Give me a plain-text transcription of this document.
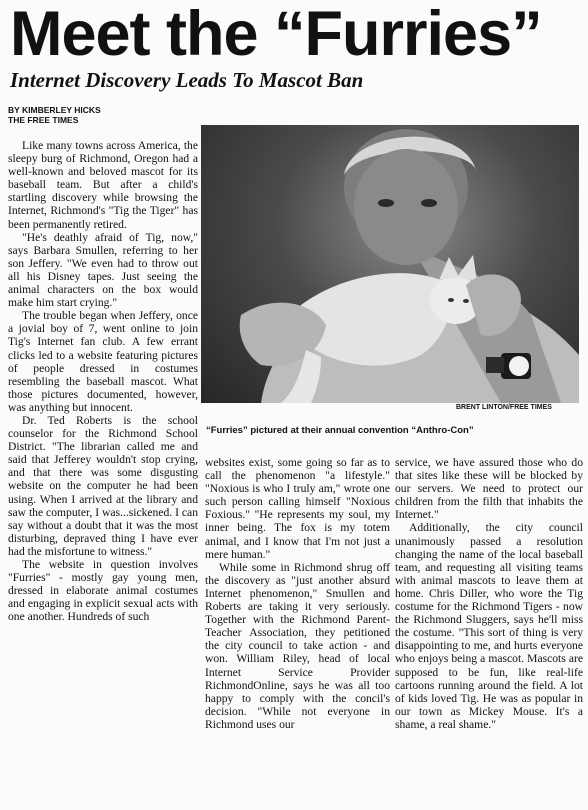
Meet the “Furries”
Internet Discovery Leads To Mascot Ban
BY KIMBERLEY HICKS
THE FREE TIMES
BRENT LINTON/FREE TIMES
“Furries” pictured at their annual convention “Anthro-Con”

Like many towns across America, the sleepy burg of Richmond, Oregon had a well-known and beloved mascot for its baseball team. But after a child's startling discovery while browsing the Internet, Richmond's "Tig the Tiger" has been permanently retired.

"He's deathly afraid of Tig, now," says Barbara Smullen, referring to her son Jeffery. "We even had to throw out all his Disney tapes. Just seeing the animal characters on the box would make him start crying."

The trouble began when Jeffery, once a jovial boy of 7, went online to join Tig's Internet fan club. A few errant clicks led to a website featuring pictures of people dressed in costumes resembling the baseball mascot. What those pictures documented, however, was anything but innocent.

Dr. Ted Roberts is the school counselor for the Richmond School District. "The librarian called me and said that Jefferey wouldn't stop crying, and that there was some disgusting website on the computer he had been using. When I arrived at the library and saw the computer, I was...sickened. I can say without a doubt that it was the most disturbing, depraved thing I have ever had the misfortune to witness."

The website in question involves "Furries" - mostly gay young men, dressed in elaborate animal costumes and engaging in explicit sexual acts with one another. Hundreds of such

websites exist, some going so far as to call the phenomenon "a lifestyle." "Noxious is who I truly am," wrote one such person calling himself "Noxious Foxious." "He represents my soul, my inner being. The fox is my totem animal, and I know that I'm not just a mere human."

While some in Richmond shrug off the discovery as "just another absurd Internet phenomenon," Smullen and Roberts are taking it very seriously. Together with the Richmond Parent-Teacher Association, they petitioned the city council to take action - and won. William Riley, head of local Internet Service Provider RichmondOnline, says he was all too happy to comply with the concil's decision. "While not everyone in Richmond uses our

service, we have assured those who do that sites like these will be blocked by our servers. We need to protect our children from the filth that inhabits the Internet."

Additionally, the city council unanimously passed a resolution changing the name of the local baseball team, and requesting all visiting teams with animal mascots to leave them at home. Chris Diller, who wore the Tig costume for the Richmond Tigers - now the Richmond Sluggers, says he'll miss the costume. "This sort of thing is very disappointing to me, and hurts everyone who enjoys being a mascot. Mascots are supposed to be fun, like real-life cartoons running around the field. A lot of kids loved Tig. He was as popular in our town as Mickey Mouse. It's a shame, a real shame."
